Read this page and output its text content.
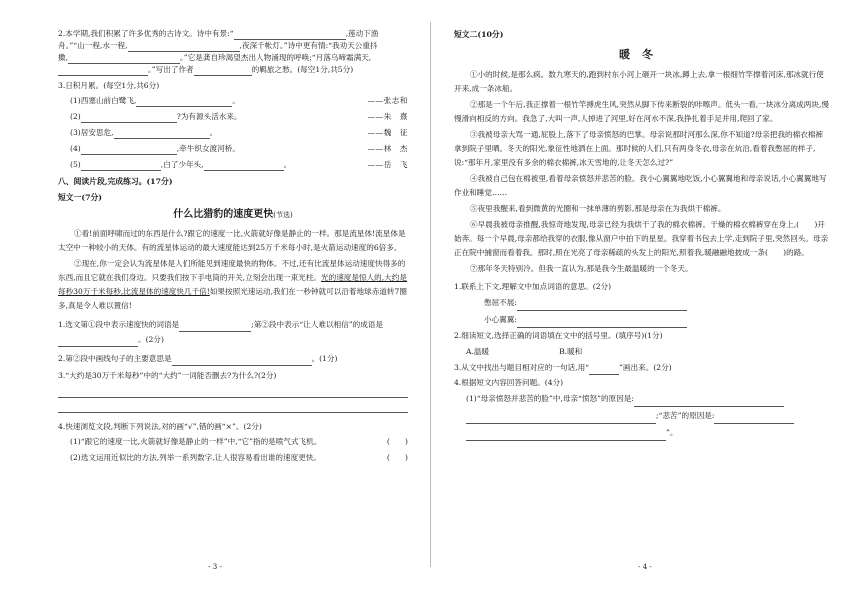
2.本学期,我们积累了许多优秀的古诗文。诗中有景:“	,莲动下渔

舟。”“山一程,水一程,	,夜深千帐灯。”诗中更有情:“我劝天公重抖

擞,	。”它是龚自珍渴望杰出人物涌现的呼唤;“月落乌啼霜满天,

。”写出了作者	的羁旅之愁。(每空1分,共5分)

3.日积月累。(每空1分,共6分)

(1)西塞山前白鹭飞,	。	——张志和
(2)	?为有源头活水来。	——朱　熹
(3)居安思危,	。	——魏　征
(4)	,牵牛织女渡河桥。	——林　杰
(5)	,白了少年头,	。	——岳　飞

八、阅读片段,完成练习。(17分)

短文一(7分)

什么比猎豹的速度更快(节选)

①看!前面呼啸而过的东西是什么?跟它的速度一比,火箭就好像是静止的一样。那是流星体!流星体是太空中一种较小的天体。有的流星体运动的最大速度能达到25万千米每小时,是火箭运动速度的6倍多。

②现在,你一定会认为流星体是人们所能见到速度最快的物体。不过,还有比流星体运动速度快得多的东西,而且它就在我们身边。只要我们按下手电筒的开关,立刻会出现一束光柱。光的速度是惊人的,大约是每秒30万千米每秒,比流星体的速度快几千倍!如果按照光速运动,我们在一秒钟就可以沿着地球赤道转7圈多,真是令人难以置信!

1.选文第①段中表示速度快的词语是	;第②段中表示“让人难以相信”的成语是

。(2分)

2.第②段中画线句子的主要意思是	。(1分)

3.“大约是30万千米每秒”中的“大约”一词能否删去?为什么?(2分)

4.快速浏览文段,判断下列说法,对的画“√”,错的画“×”。(2分)

(1)“跟它的速度一比,火箭就好像是静止的一样”中,“它”指的是喷气式飞机。	(　　)
(2)选文运用近似比的方法,列举一系列数字,让人很容易看出谁的速度更快。	(　　)
- 3 -

短文二(10分)

暖冬

①小的时候,是那么疯。数九寒天的,跑到村东小河上砸开一块冰,蹲上去,拿一根细竹竿撑着河床,那冰就行使开来,成一条冰船。

②那是一个午后,我正撑着一根竹竿搏虎生风,突然从脚下传来断裂的咔嚓声。低头一看,一块冰分离成两块,慢慢滑向相反的方向。我急了,大叫一声,人掉进了河里,好在河水不深,我挣扎着手足并用,爬回了家。

③我被母亲大骂一通,屁股上,落下了母亲愤怒的巴掌。母亲说那时河那么深,你不知道?母亲把我的棉衣棉裤拿到院子里晒。冬天的阳光,象征性地洒在上面。那时候的人们,只有两身冬衣,母亲在炕沿,看着我憋屈的样子,说:“那年月,家里没有多余的棉衣棉裤,冰天雪地的,让冬天怎么过?”

④我被自己包在棉被里,看着母亲愤怒并悲苦的脸。我小心翼翼地吃饭,小心翼翼地和母亲说话,小心翼翼地写作业和睡觉……

⑤夜里我醒来,看到微黄的光圈和一抹单薄的剪影,那是母亲在为我烘干棉裤。

⑥早晨我被母亲推醒,我惊奇地发现,母亲已经为我烘干了我的棉衣棉裤。干燥的棉衣棉裤穿在身上,(　　)开始奔。每一个早晨,母亲都给我穿的衣服,像从窗户中拍下的星星。我穿着书包去上学,走到院子里,突然回头。母亲正在院中捕窗而看着我。那时,照在光亮了母亲稀疏的头发上的阳光,照着我,暖融融地披成一条(　　)的路。

⑦那年冬天特别冷。但我一直认为,那是我今生最温暖的一个冬天。

1.联系上下文,理解文中加点词语的意思。(2分)

憋屈不展:

小心翼翼:

2.细读短文,选择正确的词语填在文中的括号里。(填序号)(1分)

A.温暖	B.暖和

3.从文中找出与题目相对应的一句话,用“	”画出来。(2分)

4.根据短文内容回答问题。(4分)

(1)“母亲愤怒并悲苦的脸”中,母亲“愤怒”的原因是:

;“悲苦”的原因是:

”。

- 4 -
